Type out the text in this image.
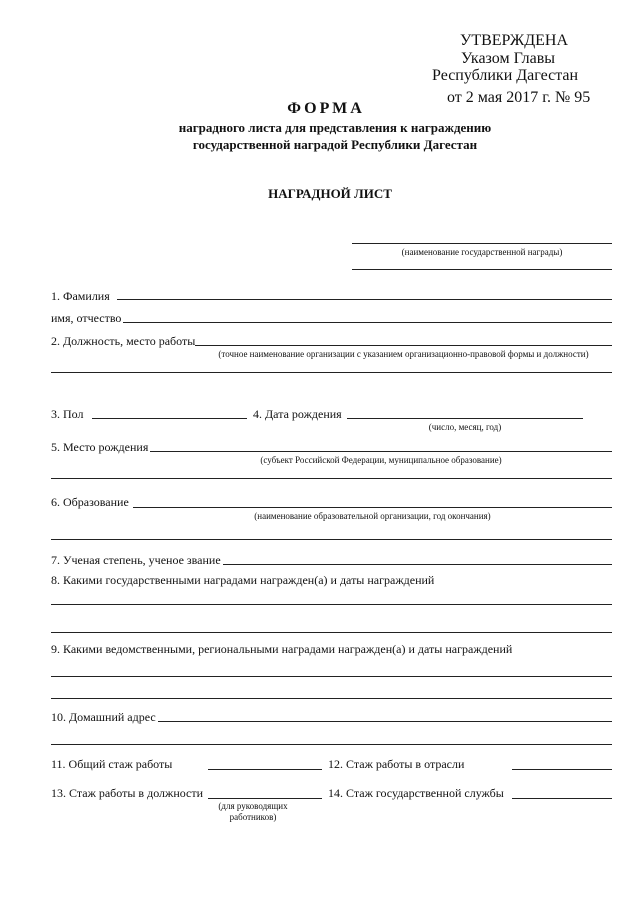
УТВЕРЖДЕНА
Указом Главы
Республики Дагестан
от 2 мая 2017 г. № 95
ФОРМА
наградного листа для представления к награждению
государственной наградой Республики Дагестан
НАГРАДНОЙ ЛИСТ
(наименование государственной награды)
1. Фамилия
имя, отчество
2. Должность, место работы
(точное наименование организации с указанием организационно-правовой формы и должности)
3. Пол	4. Дата рождения
(число, месяц, год)
5. Место рождения
(субъект Российской Федерации, муниципальное образование)
6. Образование
(наименование образовательной организации, год окончания)
7. Ученая степень, ученое звание
8. Какими государственными наградами награжден(а) и даты награждений
9. Какими ведомственными, региональными наградами награжден(а) и даты награждений
10. Домашний адрес
11. Общий стаж работы	12. Стаж работы в отрасли
13. Стаж работы в должности
(для руководящих
работников)
14. Стаж государственной службы
